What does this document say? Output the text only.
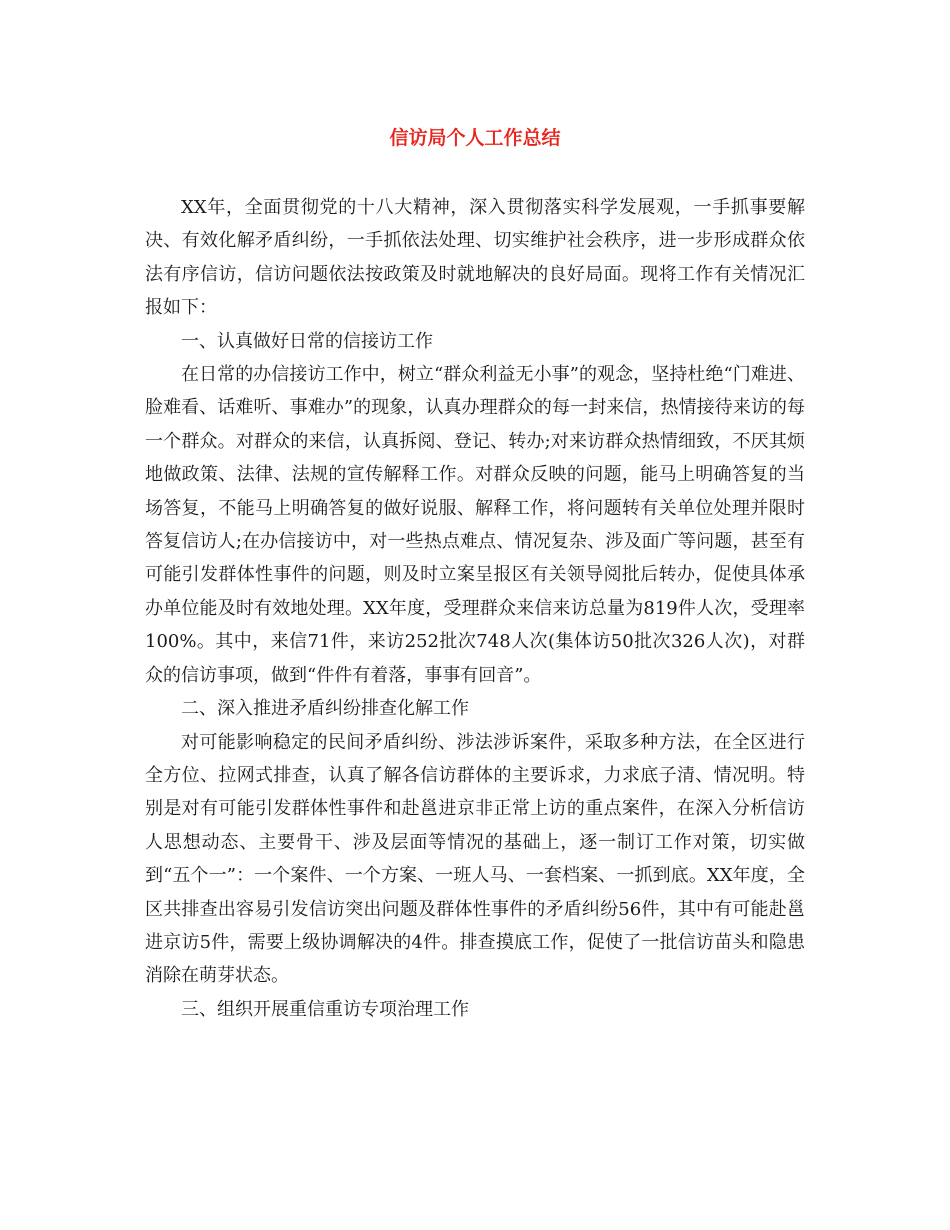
信访局个人工作总结

XX年，全面贯彻党的十八大精神，深入贯彻落实科学发展观，一手抓事要解决、有效化解矛盾纠纷，一手抓依法处理、切实维护社会秩序，进一步形成群众依法有序信访，信访问题依法按政策及时就地解决的良好局面。现将工作有关情况汇报如下：

一、认真做好日常的信接访工作

在日常的办信接访工作中，树立“群众利益无小事”的观念，坚持杜绝“门难进、脸难看、话难听、事难办”的现象，认真办理群众的每一封来信，热情接待来访的每一个群众。对群众的来信，认真拆阅、登记、转办;对来访群众热情细致，不厌其烦地做政策、法律、法规的宣传解释工作。对群众反映的问题，能马上明确答复的当场答复，不能马上明确答复的做好说服、解释工作，将问题转有关单位处理并限时答复信访人;在办信接访中，对一些热点难点、情况复杂、涉及面广等问题，甚至有可能引发群体性事件的问题，则及时立案呈报区有关领导阅批后转办，促使具体承办单位能及时有效地处理。XX年度，受理群众来信来访总量为819件人次，受理率100%。其中，来信71件，来访252批次748人次(集体访50批次326人次)，对群众的信访事项，做到“件件有着落，事事有回音”。

二、深入推进矛盾纠纷排查化解工作

对可能影响稳定的民间矛盾纠纷、涉法涉诉案件，采取多种方法，在全区进行全方位、拉网式排查，认真了解各信访群体的主要诉求，力求底子清、情况明。特别是对有可能引发群体性事件和赴邕进京非正常上访的重点案件，在深入分析信访人思想动态、主要骨干、涉及层面等情况的基础上，逐一制订工作对策，切实做到“五个一”：一个案件、一个方案、一班人马、一套档案、一抓到底。XX年度，全区共排查出容易引发信访突出问题及群体性事件的矛盾纠纷56件，其中有可能赴邕进京访5件，需要上级协调解决的4件。排查摸底工作，促使了一批信访苗头和隐患消除在萌芽状态。

三、组织开展重信重访专项治理工作
